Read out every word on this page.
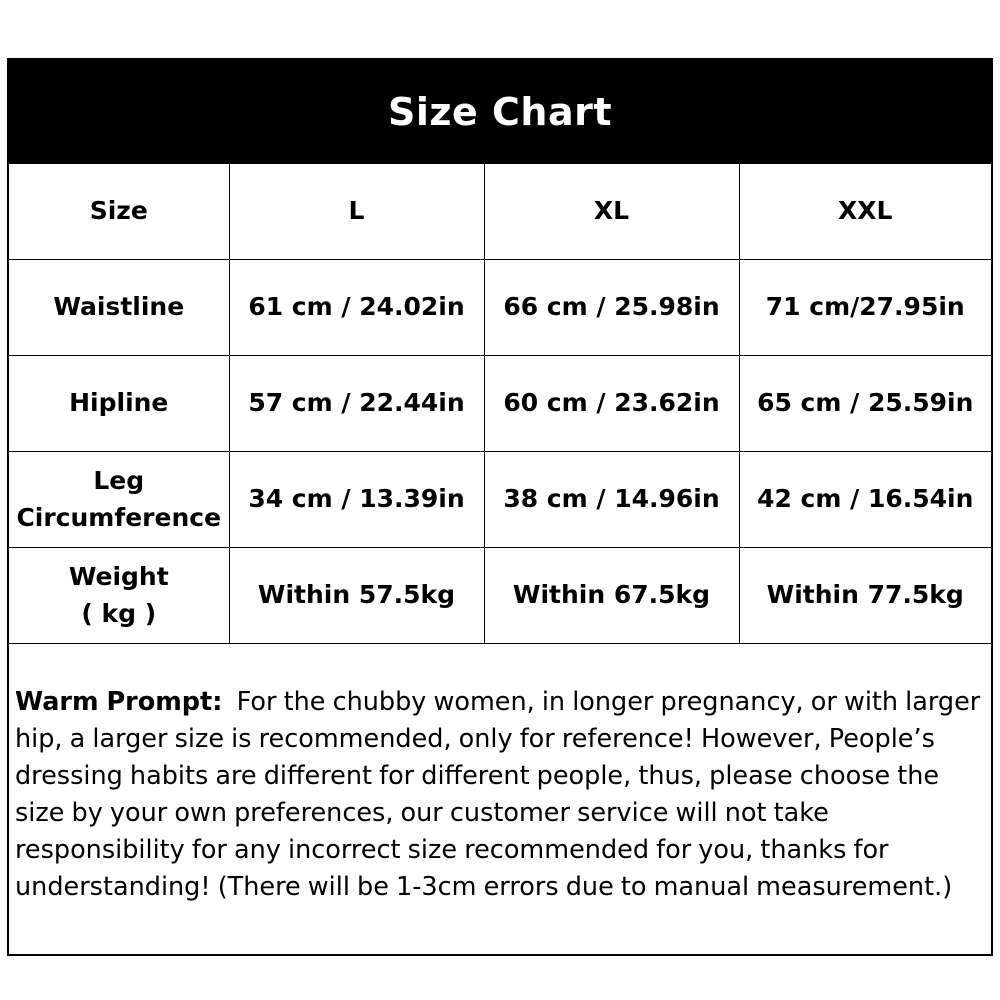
Size Chart
Size	L	XL	XXL
Waistline	61 cm / 24.02in	66 cm / 25.98in	71 cm/27.95in
Hipline	57 cm / 22.44in	60 cm / 23.62in	65 cm / 25.59in
Leg
Circumference	34 cm / 13.39in	38 cm / 14.96in	42 cm / 16.54in
Weight
( kg )	Within 57.5kg	Within 67.5kg	Within 77.5kg
Warm Prompt: For the chubby women, in longer pregnancy, or with larger hip, a larger size is recommended, only for reference! However, People’s dressing habits are different for different people, thus, please choose the size by your own preferences, our customer service will not take responsibility for any incorrect size recommended for you, thanks for understanding! (There will be 1-3cm errors due to manual measurement.)
